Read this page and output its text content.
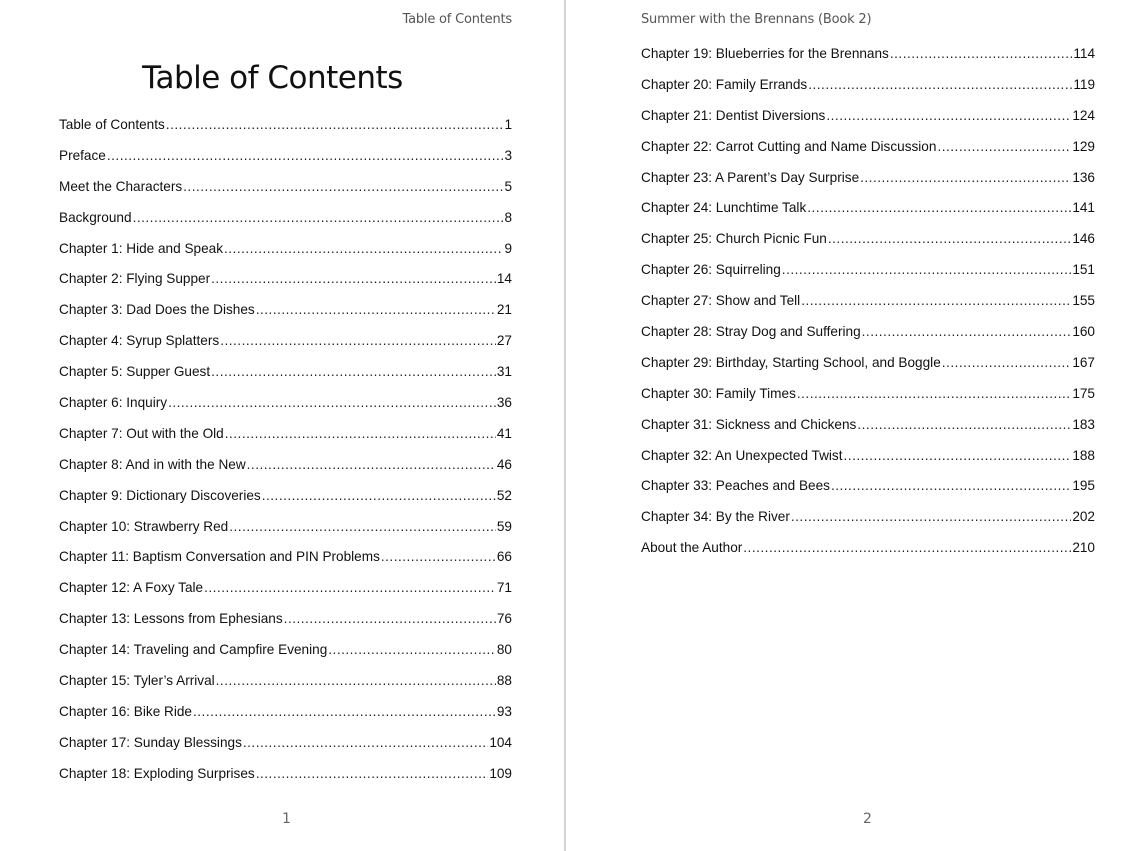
Table of Contents
Table of Contents
Table of Contents .....	1
Preface .....	3
Meet the Characters .....	5
Background .....	8
Chapter 1: Hide and Speak .....	9
Chapter 2: Flying Supper .....	14
Chapter 3: Dad Does the Dishes .....	21
Chapter 4: Syrup Splatters .....	27
Chapter 5: Supper Guest .....	31
Chapter 6: Inquiry .....	36
Chapter 7: Out with the Old .....	41
Chapter 8: And in with the New .....	46
Chapter 9: Dictionary Discoveries .....	52
Chapter 10: Strawberry Red .....	59
Chapter 11: Baptism Conversation and PIN Problems .....	66
Chapter 12: A Foxy Tale .....	71
Chapter 13: Lessons from Ephesians .....	76
Chapter 14: Traveling and Campfire Evening .....	80
Chapter 15: Tyler’s Arrival .....	88
Chapter 16: Bike Ride .....	93
Chapter 17: Sunday Blessings .....	104
Chapter 18: Exploding Surprises .....	109
1
Summer with the Brennans (Book 2)
Chapter 19: Blueberries for the Brennans .....	114
Chapter 20: Family Errands .....	119
Chapter 21: Dentist Diversions .....	124
Chapter 22: Carrot Cutting and Name Discussion .....	129
Chapter 23: A Parent’s Day Surprise .....	136
Chapter 24: Lunchtime Talk .....	141
Chapter 25: Church Picnic Fun .....	146
Chapter 26: Squirreling .....	151
Chapter 27: Show and Tell .....	155
Chapter 28: Stray Dog and Suffering .....	160
Chapter 29: Birthday, Starting School, and Boggle .....	167
Chapter 30: Family Times .....	175
Chapter 31: Sickness and Chickens .....	183
Chapter 32: An Unexpected Twist .....	188
Chapter 33: Peaches and Bees .....	195
Chapter 34: By the River .....	202
About the Author .....	210
2
